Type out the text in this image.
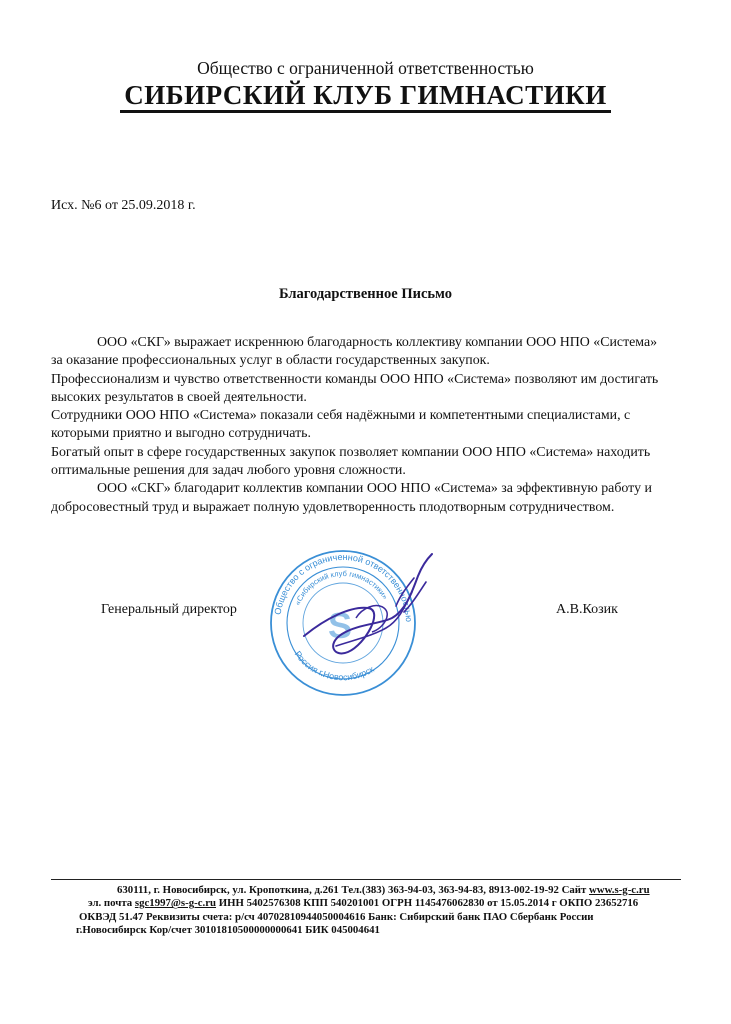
Общество с ограниченной ответственностью
СИБИРСКИЙ КЛУБ ГИМНАСТИКИ
Исх. №6 от 25.09.2018 г.
Благодарственное Письмо

ООО «СКГ» выражает искреннюю благодарность коллективу компании ООО НПО «Система» за оказание профессиональных услуг в области государственных закупок.

Профессионализм и чувство ответственности команды ООО НПО «Система» позволяют им достигать высоких результатов в своей деятельности.

Сотрудники ООО НПО «Система» показали себя надёжными и компетентными специалистами, с которыми приятно и выгодно сотрудничать.

Богатый опыт в сфере государственных закупок позволяет компании ООО НПО «Система» находить оптимальные решения для задач любого уровня сложности.

ООО «СКГ» благодарит коллектив компании ООО НПО «Система» за эффективную работу и добросовестный труд и выражает полную удовлетворенность плодотворным сотрудничеством.

Генеральный директор	А.В.Козик
Общество с ограниченной ответственностью
«Сибирский клуб гимнастики»
Россия г.Новосибирск
S
630111, г. Новосибирск, ул. Кропоткина, д.261 Тел.(383) 363-94-03, 363-94-83, 8913-002-19-92 Сайт www.s-g-c.ru
эл. почта sgc1997@s-g-c.ru ИНН 5402576308 КПП 540201001 ОГРН 1145476062830 от 15.05.2014 г ОКПО 23652716
ОКВЭД 51.47 Реквизиты счета: р/сч 40702810944050004616 Банк: Сибирский банк ПАО Сбербанк России
г.Новосибирск Кор/счет 30101810500000000641 БИК 045004641
